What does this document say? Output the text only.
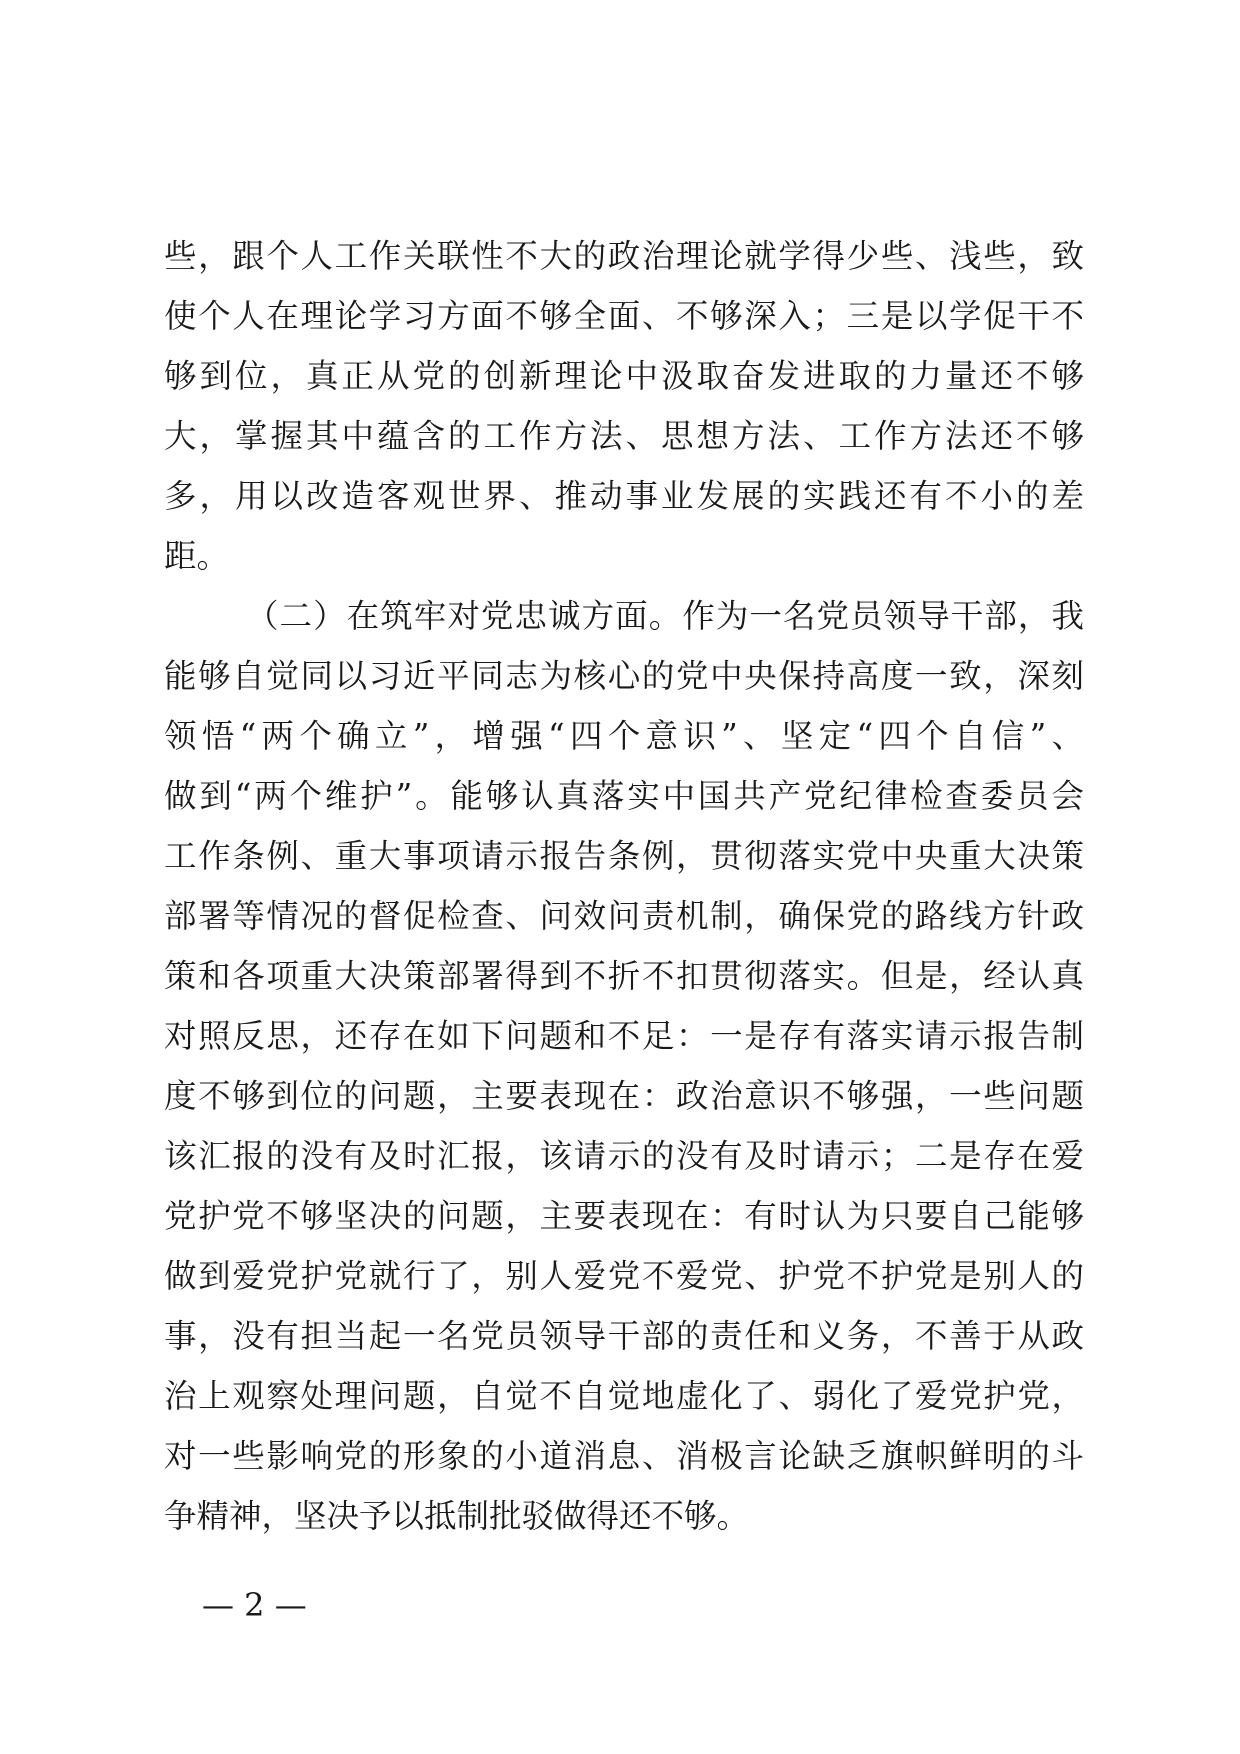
些，跟个人工作关联性不大的政治理论就学得少些、浅些，致
使个人在理论学习方面不够全面、不够深入；三是以学促干不
够到位，真正从党的创新理论中汲取奋发进取的力量还不够
大，掌握其中蕴含的工作方法、思想方法、工作方法还不够
多，用以改造客观世界、推动事业发展的实践还有不小的差
距。
（二）在筑牢对党忠诚方面。作为一名党员领导干部，我
能够自觉同以习近平同志为核心的党中央保持高度一致，深刻
领悟“两个确立”，增强“四个意识”、坚定“四个自信”、
做到“两个维护”。能够认真落实中国共产党纪律检查委员会
工作条例、重大事项请示报告条例，贯彻落实党中央重大决策
部署等情况的督促检查、问效问责机制，确保党的路线方针政
策和各项重大决策部署得到不折不扣贯彻落实。但是，经认真
对照反思，还存在如下问题和不足：一是存有落实请示报告制
度不够到位的问题，主要表现在：政治意识不够强，一些问题
该汇报的没有及时汇报，该请示的没有及时请示；二是存在爱
党护党不够坚决的问题，主要表现在：有时认为只要自己能够
做到爱党护党就行了，别人爱党不爱党、护党不护党是别人的
事，没有担当起一名党员领导干部的责任和义务，不善于从政
治上观察处理问题，自觉不自觉地虚化了、弱化了爱党护党，
对一些影响党的形象的小道消息、消极言论缺乏旗帜鲜明的斗
争精神，坚决予以抵制批驳做得还不够。
— 2 —
